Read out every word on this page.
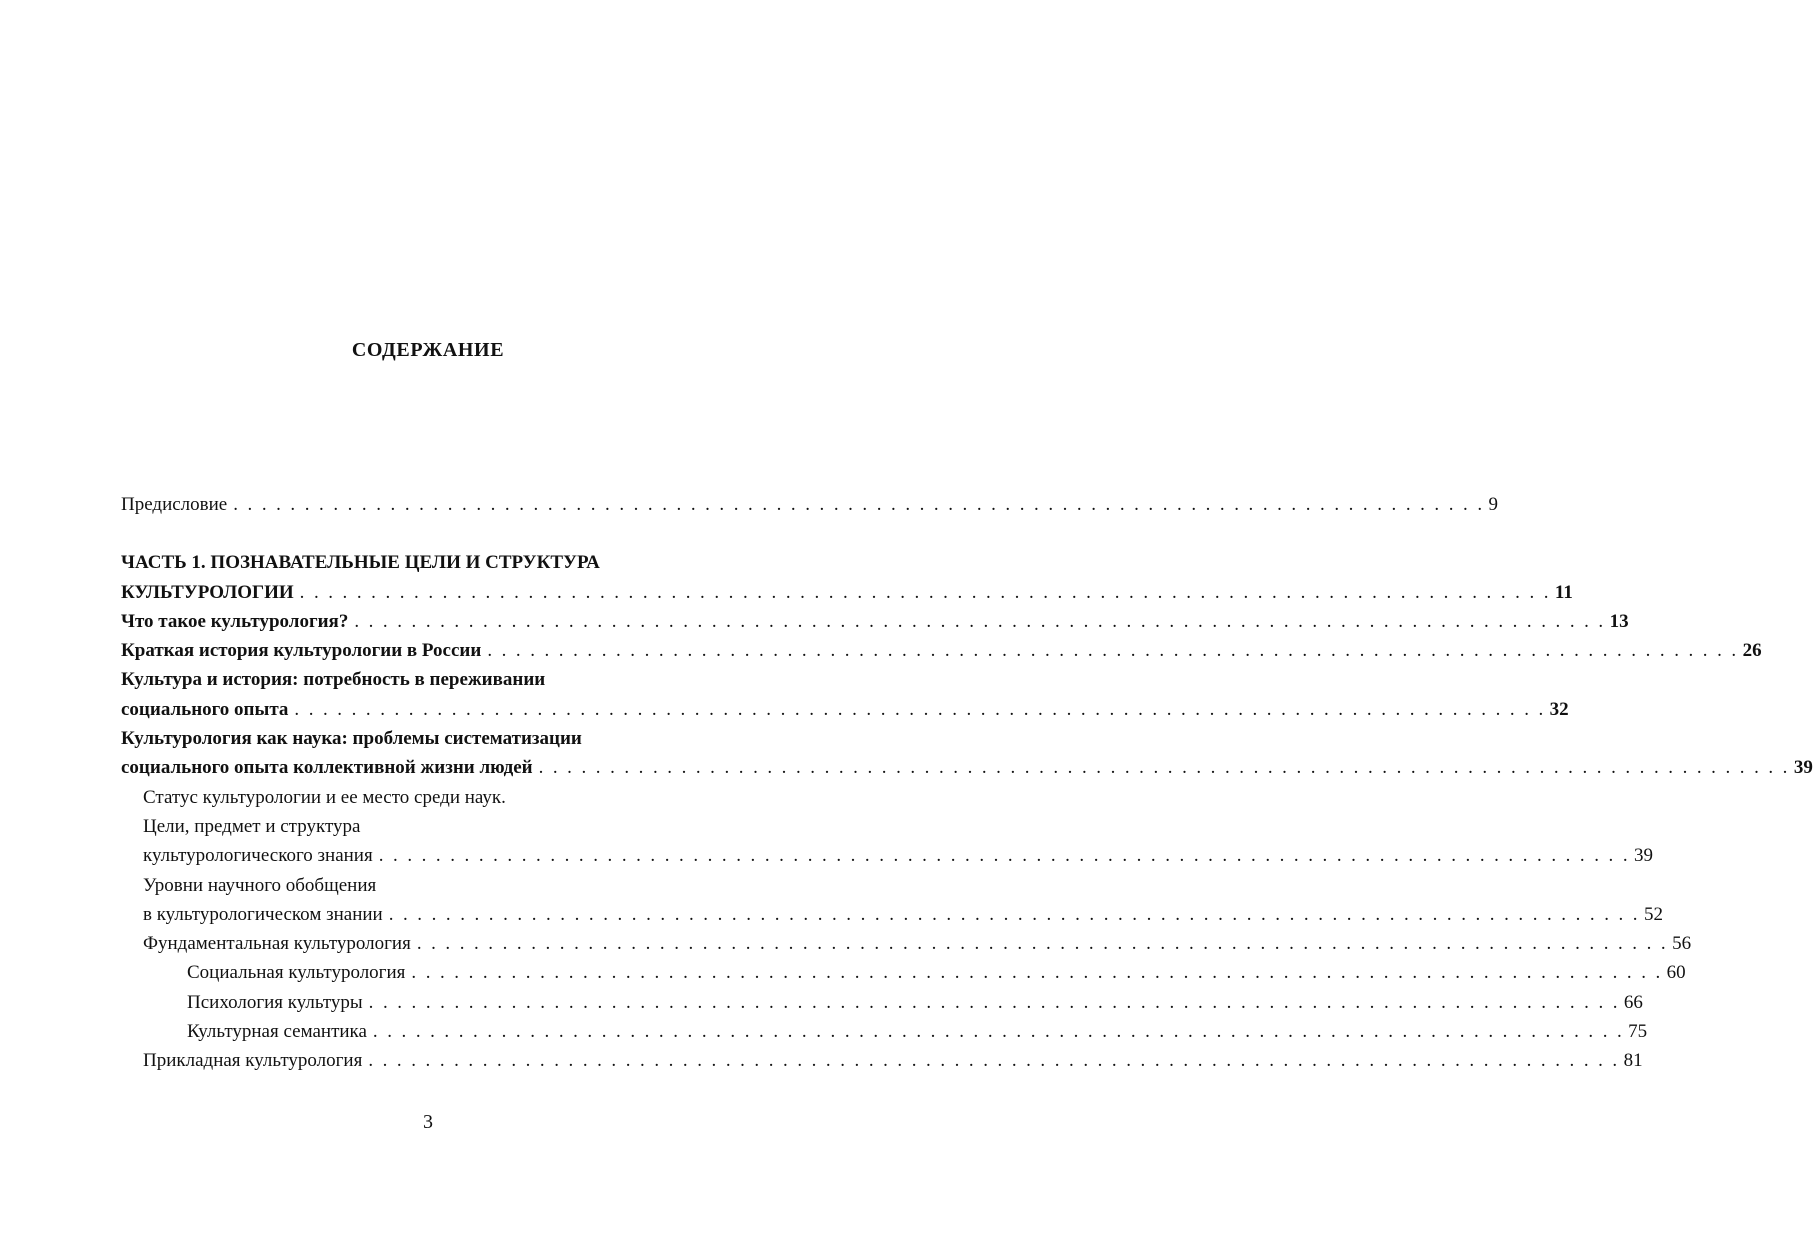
СОДЕРЖАНИЕ
Предисловие . . . . . . . . . . . . . . . . . . . . . . . . . . . . . . . . . . . . . . . . . . . . . . . . . . . . . . . . . . . . . . . . . . . . . . . . . . . . . . . . . . . . . . . . 9
ЧАСТЬ 1. ПОЗНАВАТЕЛЬНЫЕ ЦЕЛИ И СТРУКТУРА
КУЛЬТУРОЛОГИИ . . . . . . . . . . . . . . . . . . . . . . . . . . . . . . . . . . . . . . . . . . . . . . . . . . . . . . . . . . . . . . . . . . . . . . . . . . . . . . . . . . . . . . . . 11
Что такое культурология? . . . . . . . . . . . . . . . . . . . . . . . . . . . . . . . . . . . . . . . . . . . . . . . . . . . . . . . . . . . . . . . . . . . . . . . . . . . . . . . . . . . . . . . . 13
Краткая история культурологии в России . . . . . . . . . . . . . . . . . . . . . . . . . . . . . . . . . . . . . . . . . . . . . . . . . . . . . . . . . . . . . . . . . . . . . . . . . . . . . . . . . . . . . . . . 26
Культура и история: потребность в переживании
социального опыта . . . . . . . . . . . . . . . . . . . . . . . . . . . . . . . . . . . . . . . . . . . . . . . . . . . . . . . . . . . . . . . . . . . . . . . . . . . . . . . . . . . . . . . . 32
Культурология как наука: проблемы систематизации
социального опыта коллективной жизни людей . . . . . . . . . . . . . . . . . . . . . . . . . . . . . . . . . . . . . . . . . . . . . . . . . . . . . . . . . . . . . . . . . . . . . . . . . . . . . . . . . . . . . . . . 39
Статус культурологии и ее место среди наук.
Цели, предмет и структура
культурологического знания . . . . . . . . . . . . . . . . . . . . . . . . . . . . . . . . . . . . . . . . . . . . . . . . . . . . . . . . . . . . . . . . . . . . . . . . . . . . . . . . . . . . . . . . 39
Уровни научного обобщения
в культурологическом знании . . . . . . . . . . . . . . . . . . . . . . . . . . . . . . . . . . . . . . . . . . . . . . . . . . . . . . . . . . . . . . . . . . . . . . . . . . . . . . . . . . . . . . . . 52
Фундаментальная культурология . . . . . . . . . . . . . . . . . . . . . . . . . . . . . . . . . . . . . . . . . . . . . . . . . . . . . . . . . . . . . . . . . . . . . . . . . . . . . . . . . . . . . . . . 56
Социальная культурология . . . . . . . . . . . . . . . . . . . . . . . . . . . . . . . . . . . . . . . . . . . . . . . . . . . . . . . . . . . . . . . . . . . . . . . . . . . . . . . . . . . . . . . . 60
Психология культуры . . . . . . . . . . . . . . . . . . . . . . . . . . . . . . . . . . . . . . . . . . . . . . . . . . . . . . . . . . . . . . . . . . . . . . . . . . . . . . . . . . . . . . . . 66
Культурная семантика . . . . . . . . . . . . . . . . . . . . . . . . . . . . . . . . . . . . . . . . . . . . . . . . . . . . . . . . . . . . . . . . . . . . . . . . . . . . . . . . . . . . . . . . 75
Прикладная культурология . . . . . . . . . . . . . . . . . . . . . . . . . . . . . . . . . . . . . . . . . . . . . . . . . . . . . . . . . . . . . . . . . . . . . . . . . . . . . . . . . . . . . . . . 81
3
